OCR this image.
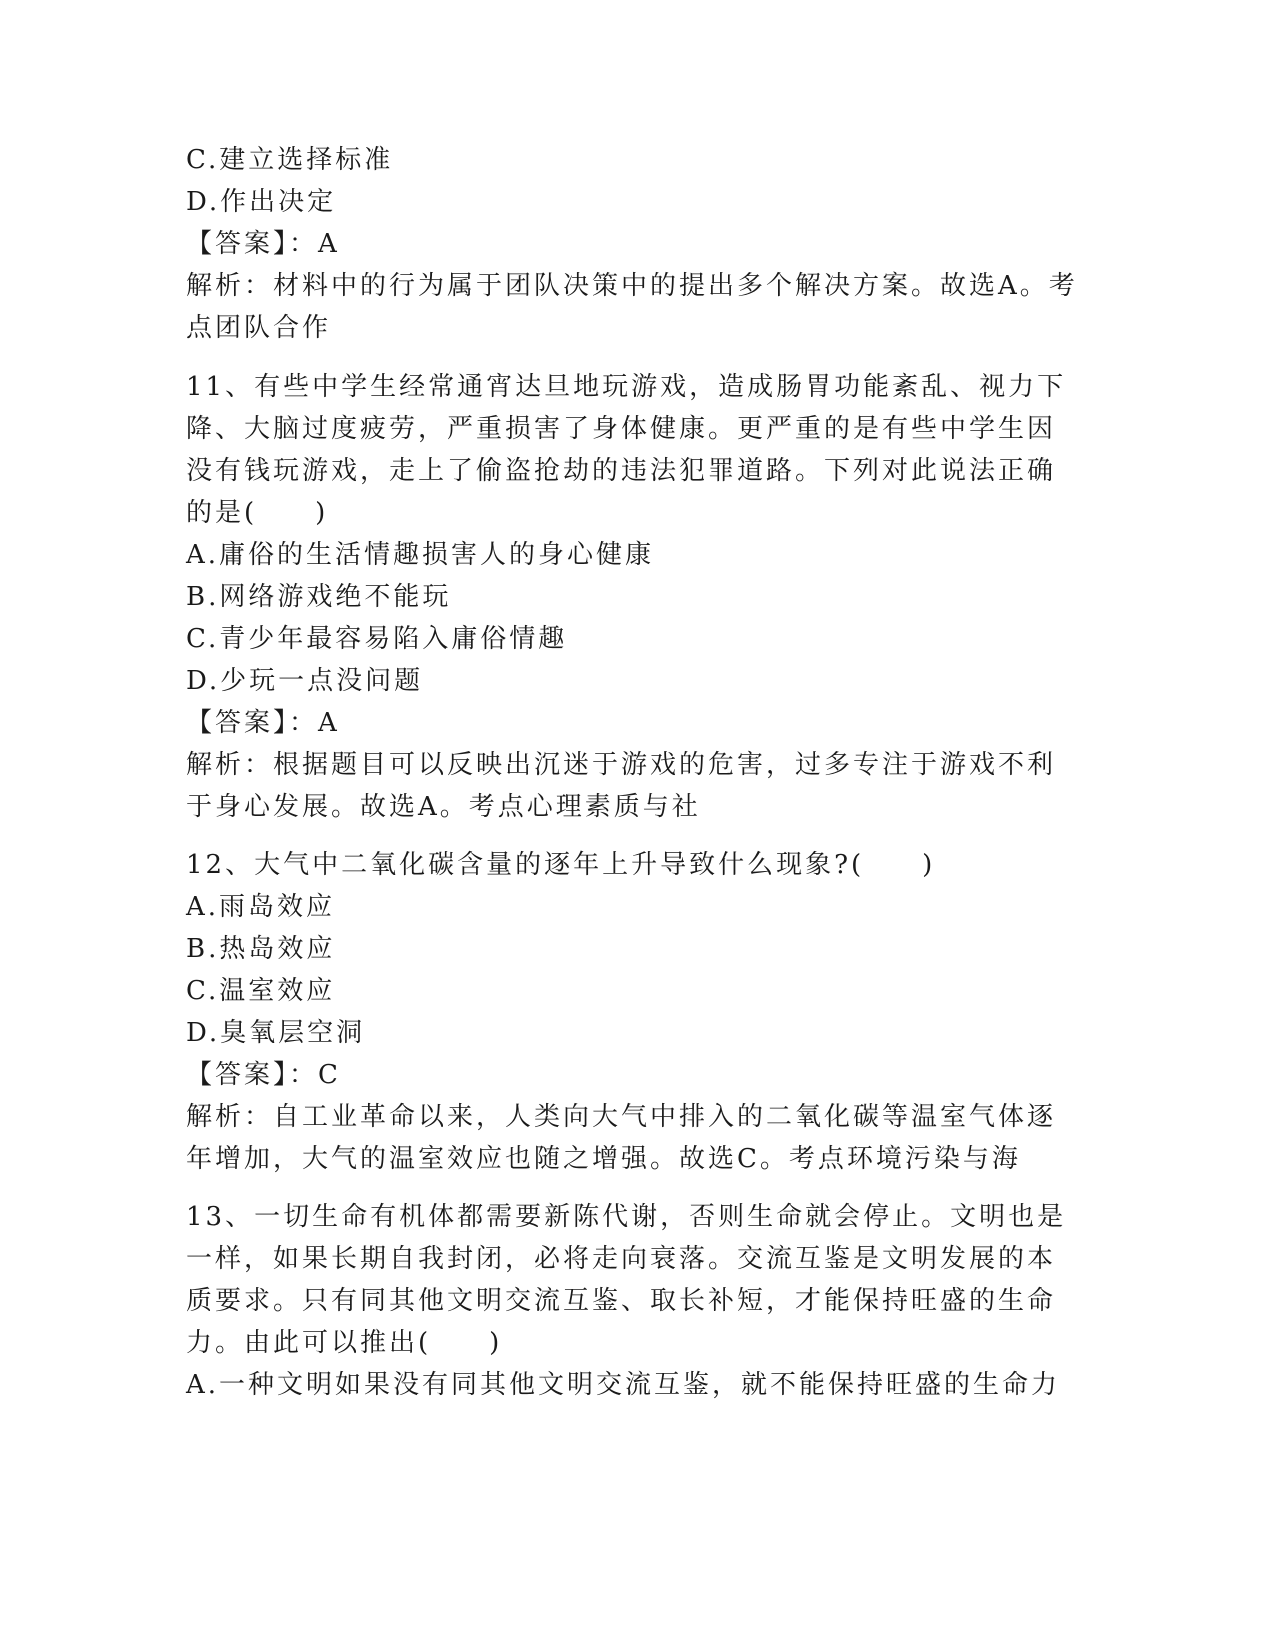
C.建立选择标准
D.作出决定
【答案】：A
解析：材料中的行为属于团队决策中的提出多个解决方案。故选A。考
点团队合作
11、有些中学生经常通宵达旦地玩游戏，造成肠胃功能紊乱、视力下
降、大脑过度疲劳，严重损害了身体健康。更严重的是有些中学生因
没有钱玩游戏，走上了偷盗抢劫的违法犯罪道路。下列对此说法正确
的是(　　)
A.庸俗的生活情趣损害人的身心健康
B.网络游戏绝不能玩
C.青少年最容易陷入庸俗情趣
D.少玩一点没问题
【答案】：A
解析：根据题目可以反映出沉迷于游戏的危害，过多专注于游戏不利
于身心发展。故选A。考点心理素质与社
12、大气中二氧化碳含量的逐年上升导致什么现象?(　　)
A.雨岛效应
B.热岛效应
C.温室效应
D.臭氧层空洞
【答案】：C
解析：自工业革命以来，人类向大气中排入的二氧化碳等温室气体逐
年增加，大气的温室效应也随之增强。故选C。考点环境污染与海
13、一切生命有机体都需要新陈代谢，否则生命就会停止。文明也是
一样，如果长期自我封闭，必将走向衰落。交流互鉴是文明发展的本
质要求。只有同其他文明交流互鉴、取长补短，才能保持旺盛的生命
力。由此可以推出(　　)
A.一种文明如果没有同其他文明交流互鉴，就不能保持旺盛的生命力
